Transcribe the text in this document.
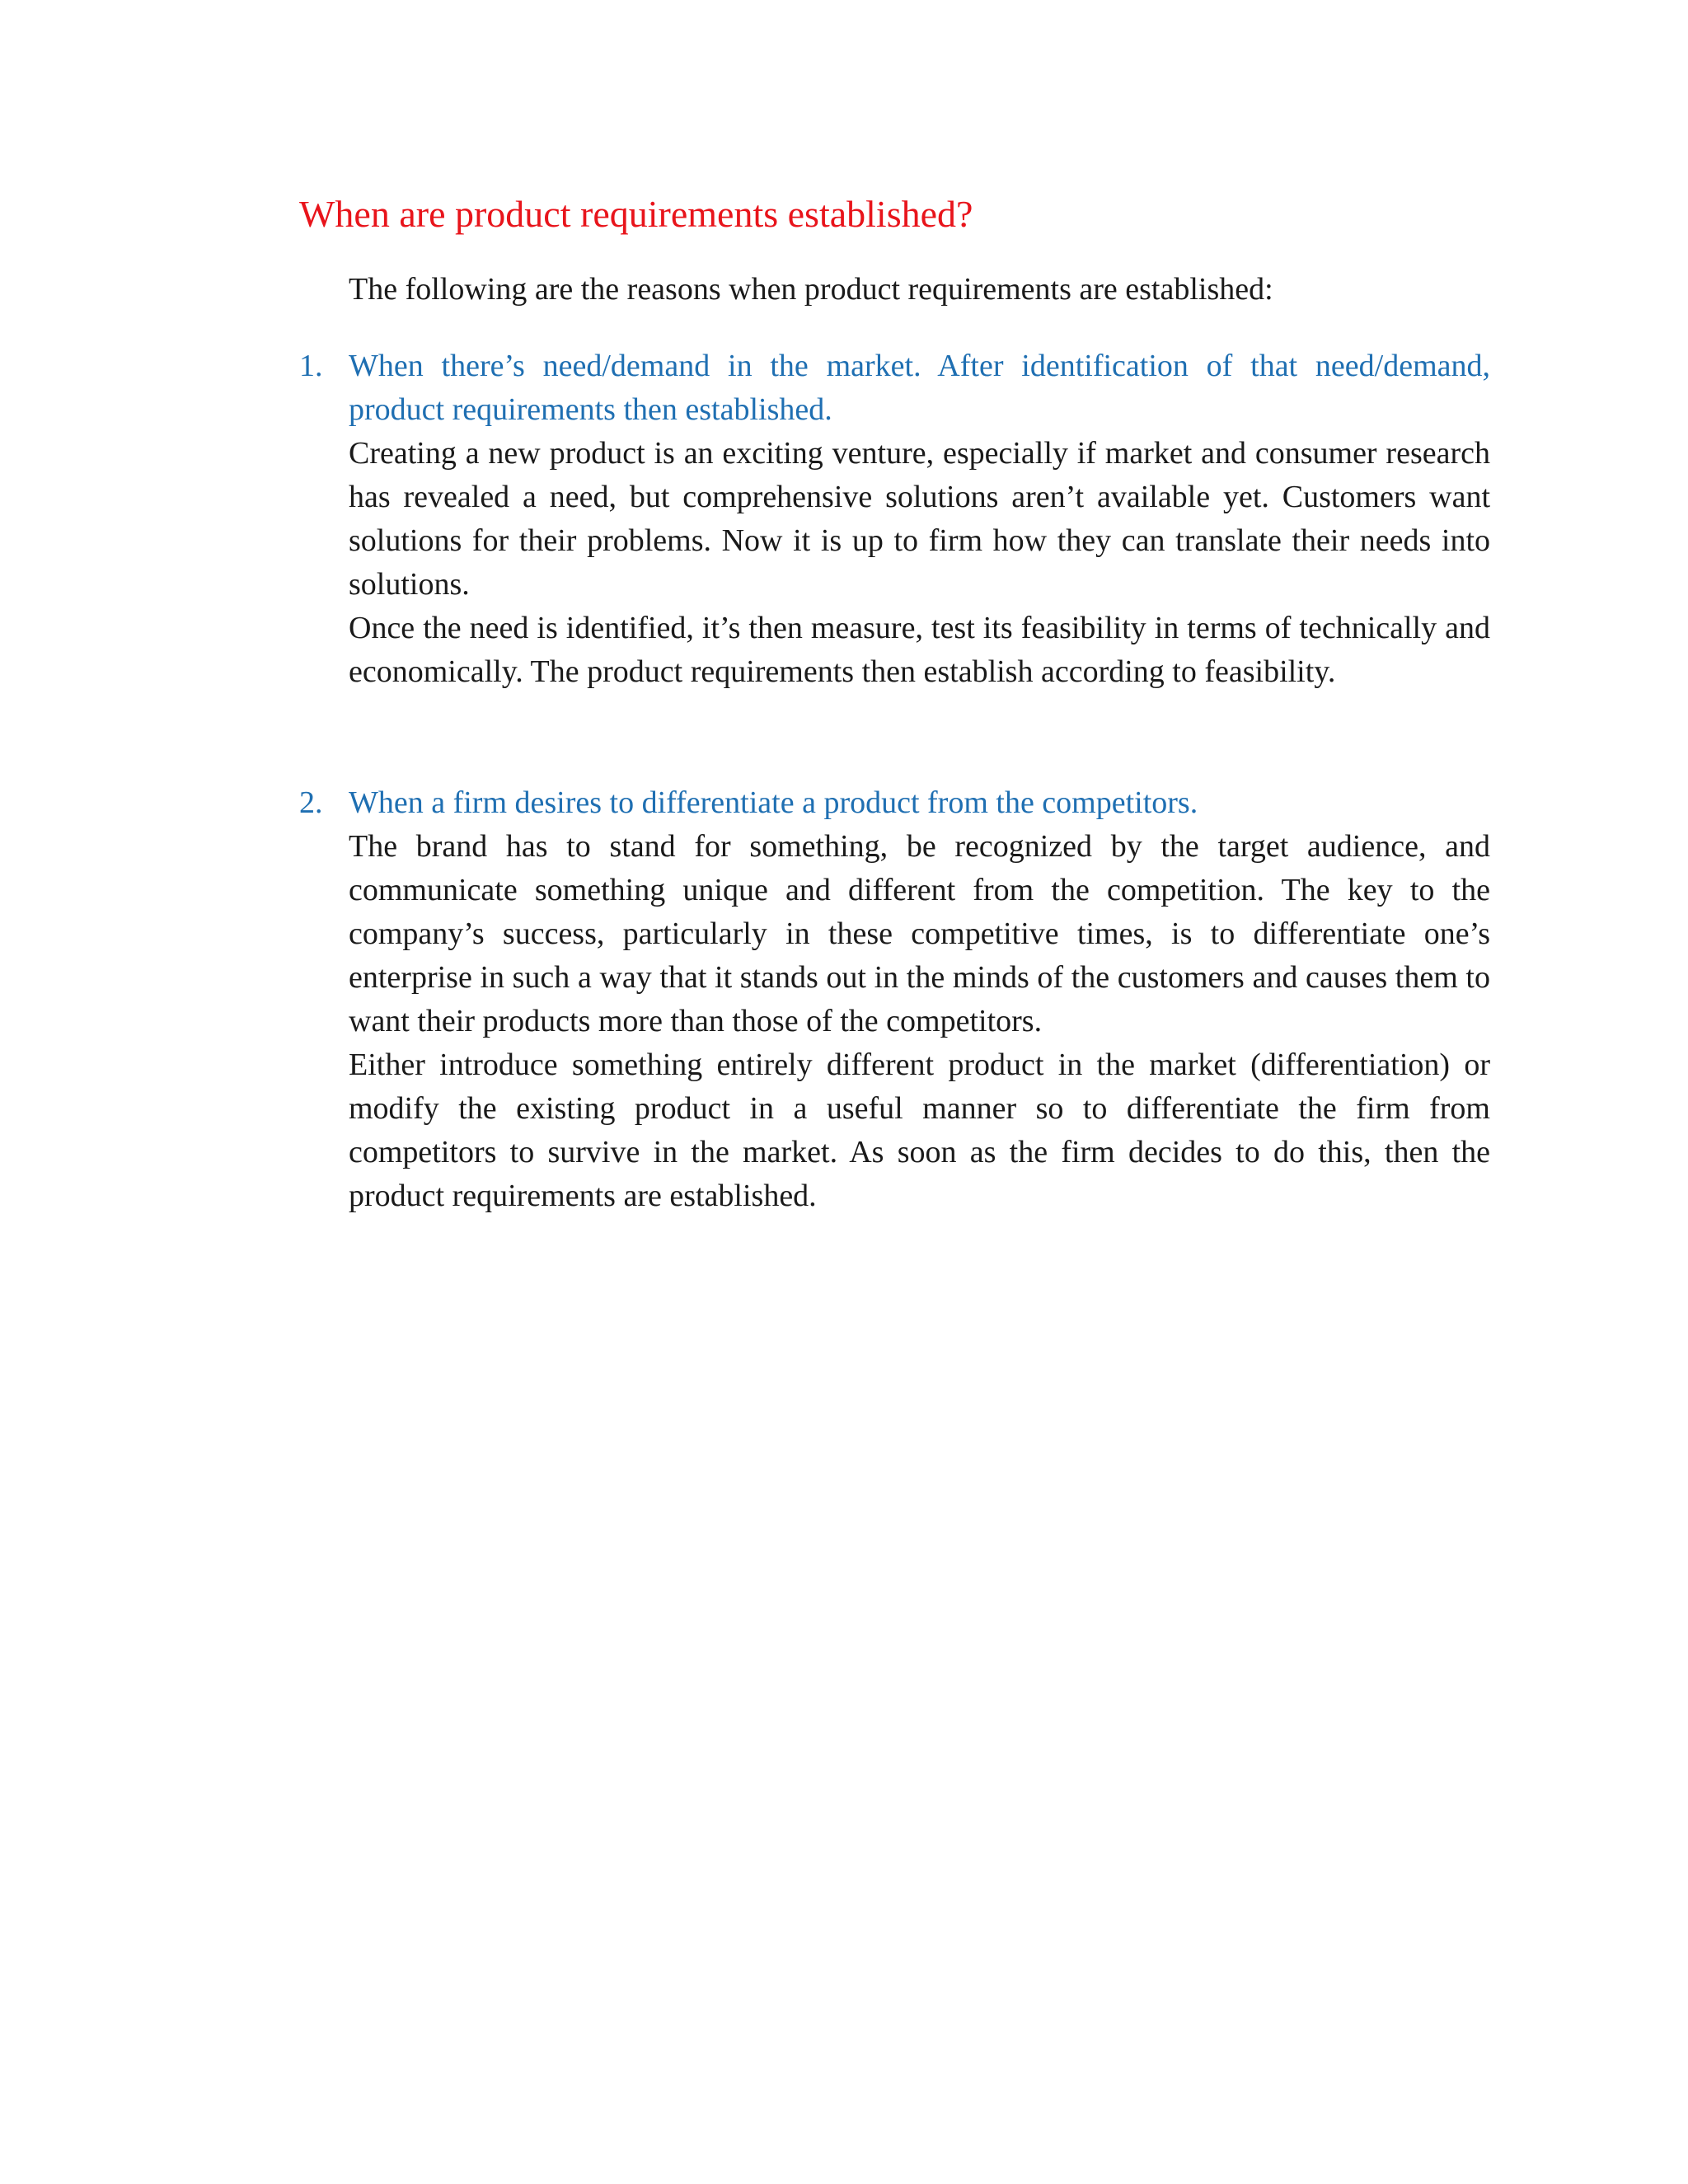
When are product requirements established?

The following are the reasons when product requirements are established:

1. When there’s need/demand in the market. After identification of that need/demand, product requirements then established.

Creating a new product is an exciting venture, especially if market and consumer research has revealed a need, but comprehensive solutions aren’t available yet. Customers want solutions for their problems. Now it is up to firm how they can translate their needs into solutions.

Once the need is identified, it’s then measure, test its feasibility in terms of technically and economically. The product requirements then establish according to feasibility.

2. When a firm desires to differentiate a product from the competitors.

The brand has to stand for something, be recognized by the target audience, and communicate something unique and different from the competition. The key to the company’s success, particularly in these competitive times, is to differentiate one’s enterprise in such a way that it stands out in the minds of the customers and causes them to want their products more than those of the competitors.

Either introduce something entirely different product in the market (differentiation) or modify the existing product in a useful manner so to differentiate the firm from competitors to survive in the market. As soon as the firm decides to do this, then the product requirements are established.
